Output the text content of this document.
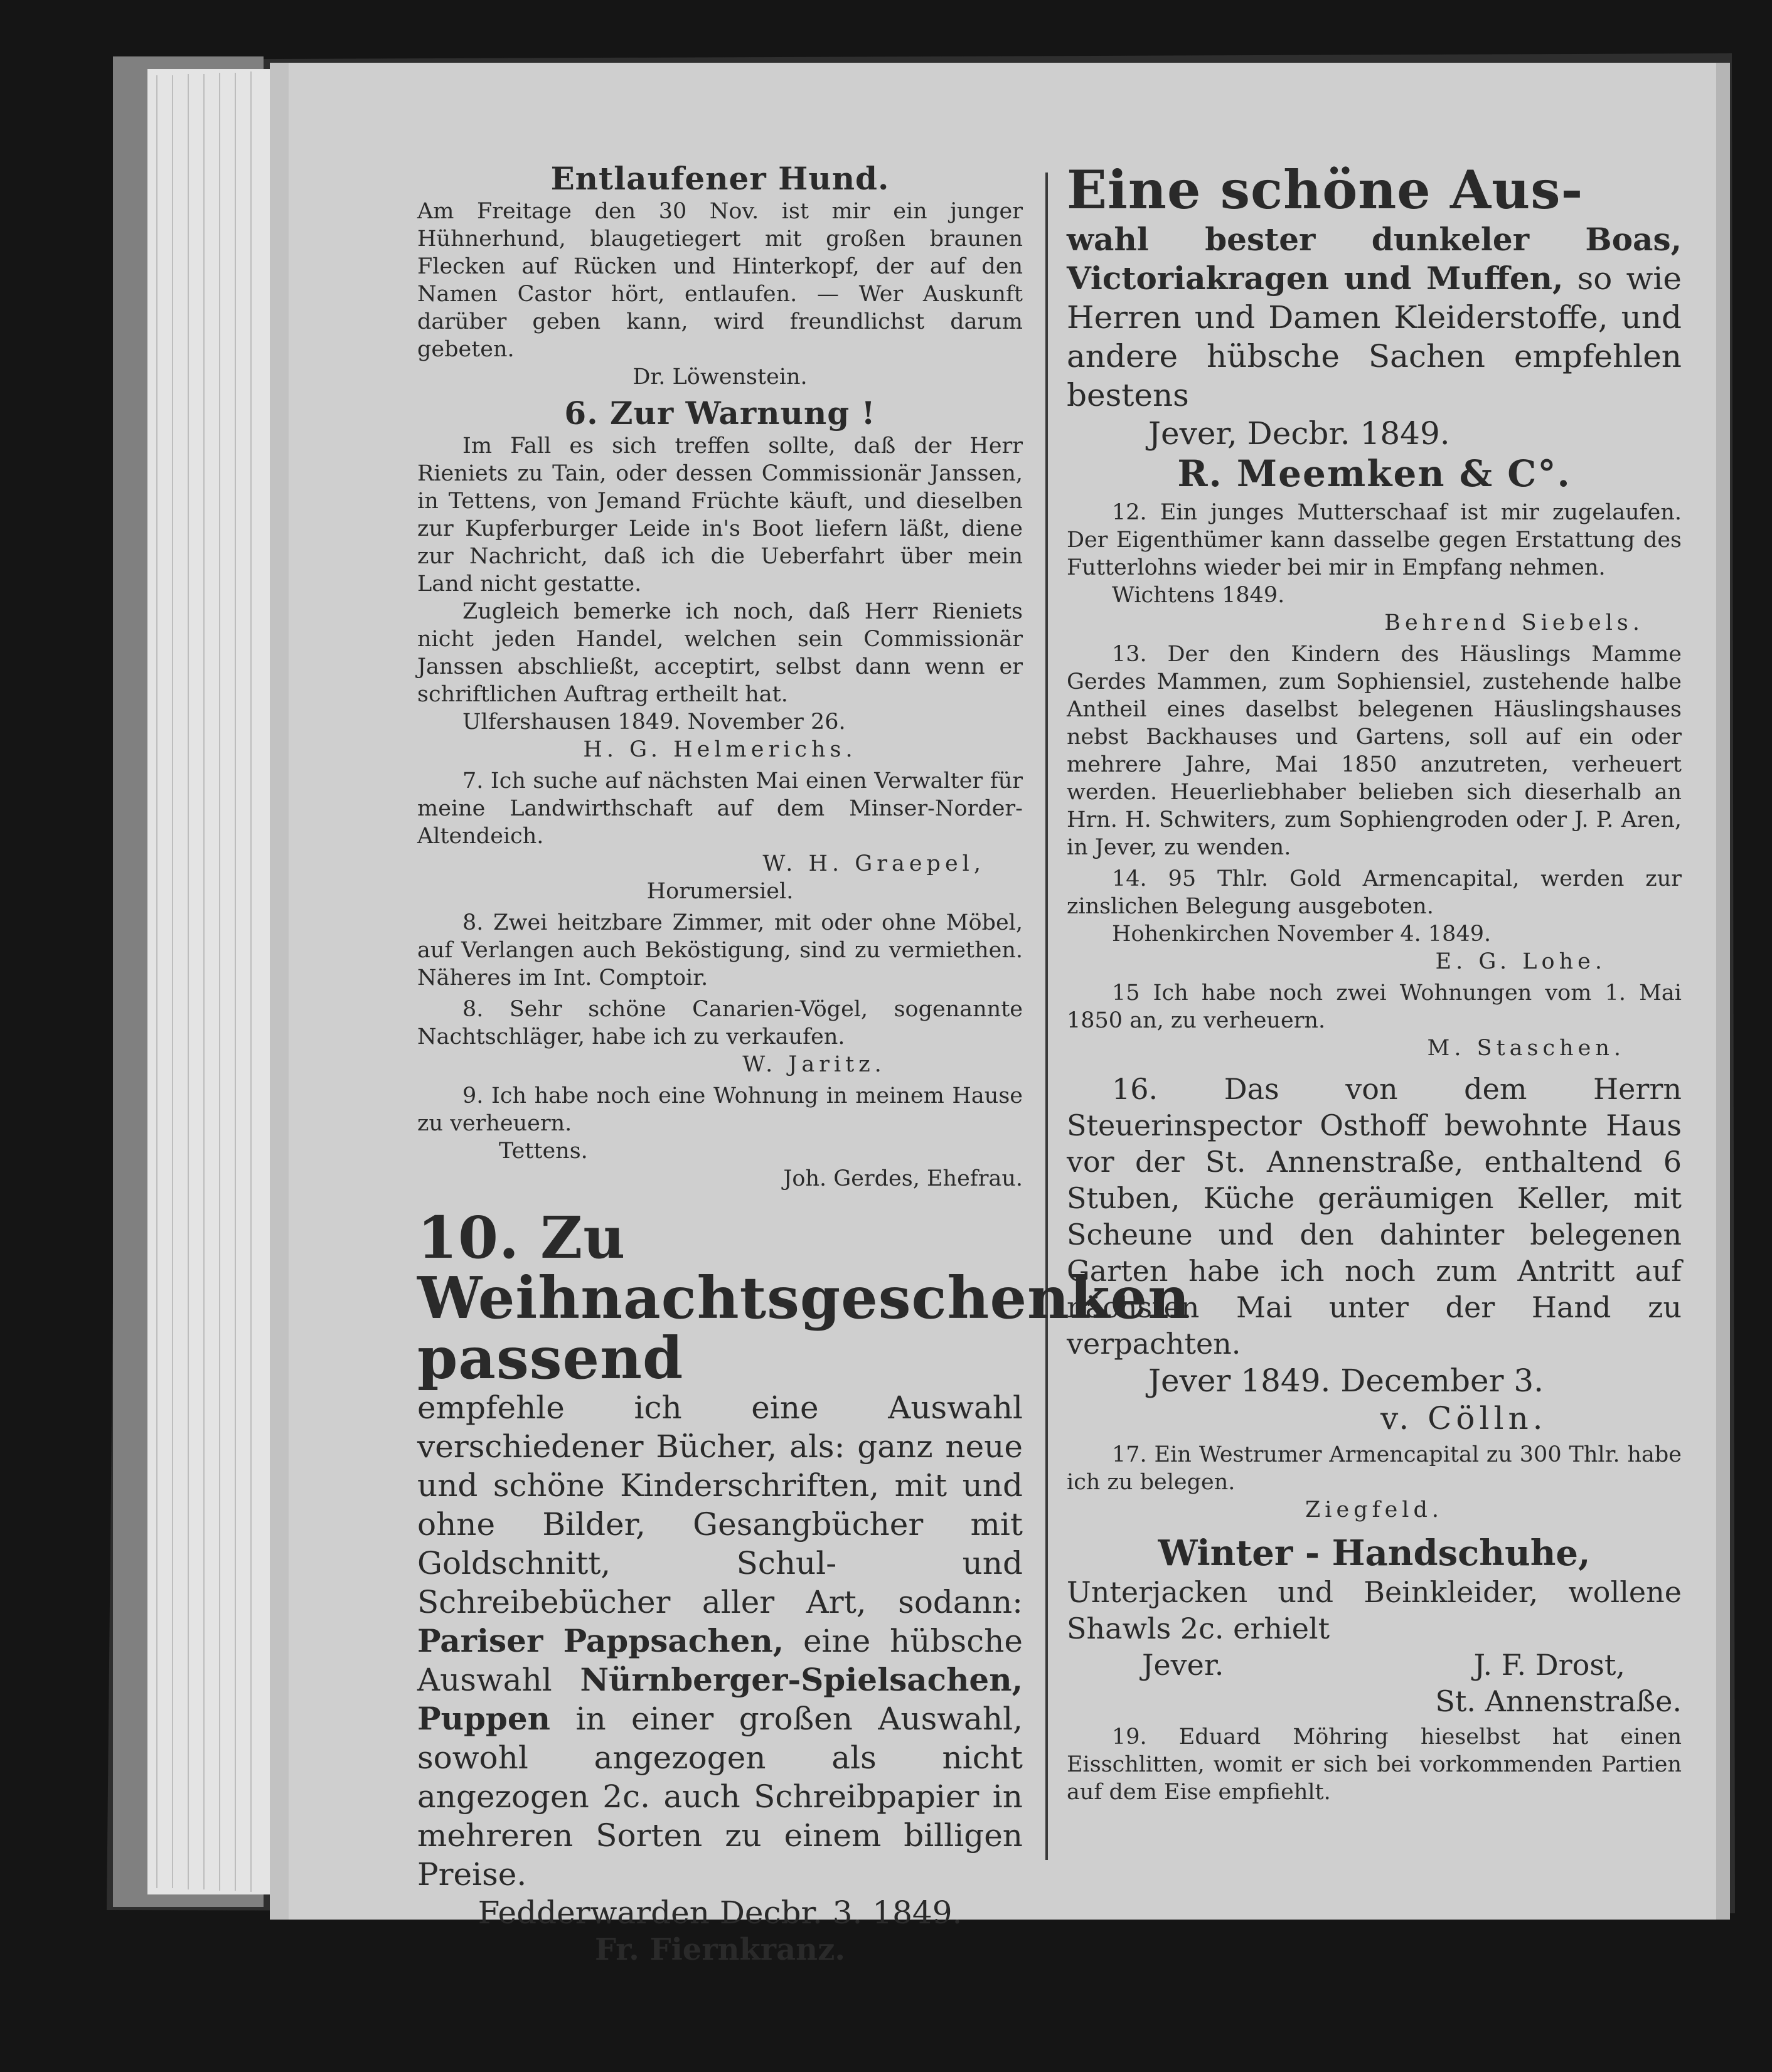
Entlaufener Hund.
Am Freitage den 30 Nov. ist mir ein junger Hühnerhund, blaugetiegert mit großen braunen Flecken auf Rücken und Hinterkopf, der auf den Namen Castor hört, entlaufen. — Wer Auskunft darüber geben kann, wird freundlichst darum gebeten.
Dr. Löwenstein.
6. Zur Warnung !
Im Fall es sich treffen sollte, daß der Herr Rieniets zu Tain, oder dessen Commissionär Janssen, in Tettens, von Jemand Früchte käuft, und dieselben zur Kupferburger Leide in's Boot liefern läßt, diene zur Nachricht, daß ich die Ueberfahrt über mein Land nicht gestatte.
Zugleich bemerke ich noch, daß Herr Rieniets nicht jeden Handel, welchen sein Commissionär Janssen abschließt, acceptirt, selbst dann wenn er schriftlichen Auftrag ertheilt hat.
Ulfershausen 1849. November 26.
H. G. Helmerichs.
7. Ich suche auf nächsten Mai einen Verwalter für meine Landwirthschaft auf dem Minser-Norder-Altendeich.
W. H. Graepel,
Horumersiel.
8. Zwei heitzbare Zimmer, mit oder ohne Möbel, auf Verlangen auch Beköstigung, sind zu vermiethen. Näheres im Int. Comptoir.
8. Sehr schöne Canarien-Vögel, sogenannte Nachtschläger, habe ich zu verkaufen.
W. Jaritz.
9. Ich habe noch eine Wohnung in meinem Hause zu verheuern.
Tettens.
Joh. Gerdes, Ehefrau.
10. Zu Weihnachtsgeschenken passend
empfehle ich eine Auswahl verschiedener Bücher, als: ganz neue und schöne Kinderschriften, mit und ohne Bilder, Gesangbücher mit Goldschnitt, Schul- und Schreibebücher aller Art, sodann: Pariser Pappsachen, eine hübsche Auswahl Nürnberger-Spielsachen, Puppen in einer großen Auswahl, sowohl angezogen als nicht angezogen 2c. auch Schreibpapier in mehreren Sorten zu einem billigen Preise.
Fedderwarden Decbr. 3. 1849.
Fr. Fiernkranz.
Eine schöne Aus-
wahl bester dunkeler Boas, Victoriakragen und Muffen, so wie Herren und Damen Kleiderstoffe, und andere hübsche Sachen empfehlen bestens
Jever, Decbr. 1849.
R. Meemken & C°.
12. Ein junges Mutterschaaf ist mir zugelaufen. Der Eigenthümer kann dasselbe gegen Erstattung des Futterlohns wieder bei mir in Empfang nehmen.
Wichtens 1849.
Behrend Siebels.
13. Der den Kindern des Häuslings Mamme Gerdes Mammen, zum Sophiensiel, zustehende halbe Antheil eines daselbst belegenen Häuslingshauses nebst Backhauses und Gartens, soll auf ein oder mehrere Jahre, Mai 1850 anzutreten, verheuert werden. Heuerliebhaber belieben sich dieserhalb an Hrn. H. Schwiters, zum Sophiengroden oder J. P. Aren, in Jever, zu wenden.
14. 95 Thlr. Gold Armencapital, werden zur zinslichen Belegung ausgeboten.
Hohenkirchen November 4. 1849.
E. G. Lohe.
15 Ich habe noch zwei Wohnungen vom 1. Mai 1850 an, zu verheuern.
M. Staschen.
16. Das von dem Herrn Steuerinspector Osthoff bewohnte Haus vor der St. Annenstraße, enthaltend 6 Stuben, Küche geräumigen Keller, mit Scheune und den dahinter belegenen Garten habe ich noch zum Antritt auf nächsten Mai unter der Hand zu verpachten.
Jever 1849. December 3.
v. Cölln.
17. Ein Westrumer Armencapital zu 300 Thlr. habe ich zu belegen.
Ziegfeld.
Winter - Handschuhe,
Unterjacken und Beinkleider, wollene Shawls 2c. erhielt
Jever.	J. F. Drost,
St. Annenstraße.
19. Eduard Möhring hieselbst hat einen Eisschlitten, womit er sich bei vorkommenden Partien auf dem Eise empfiehlt.
